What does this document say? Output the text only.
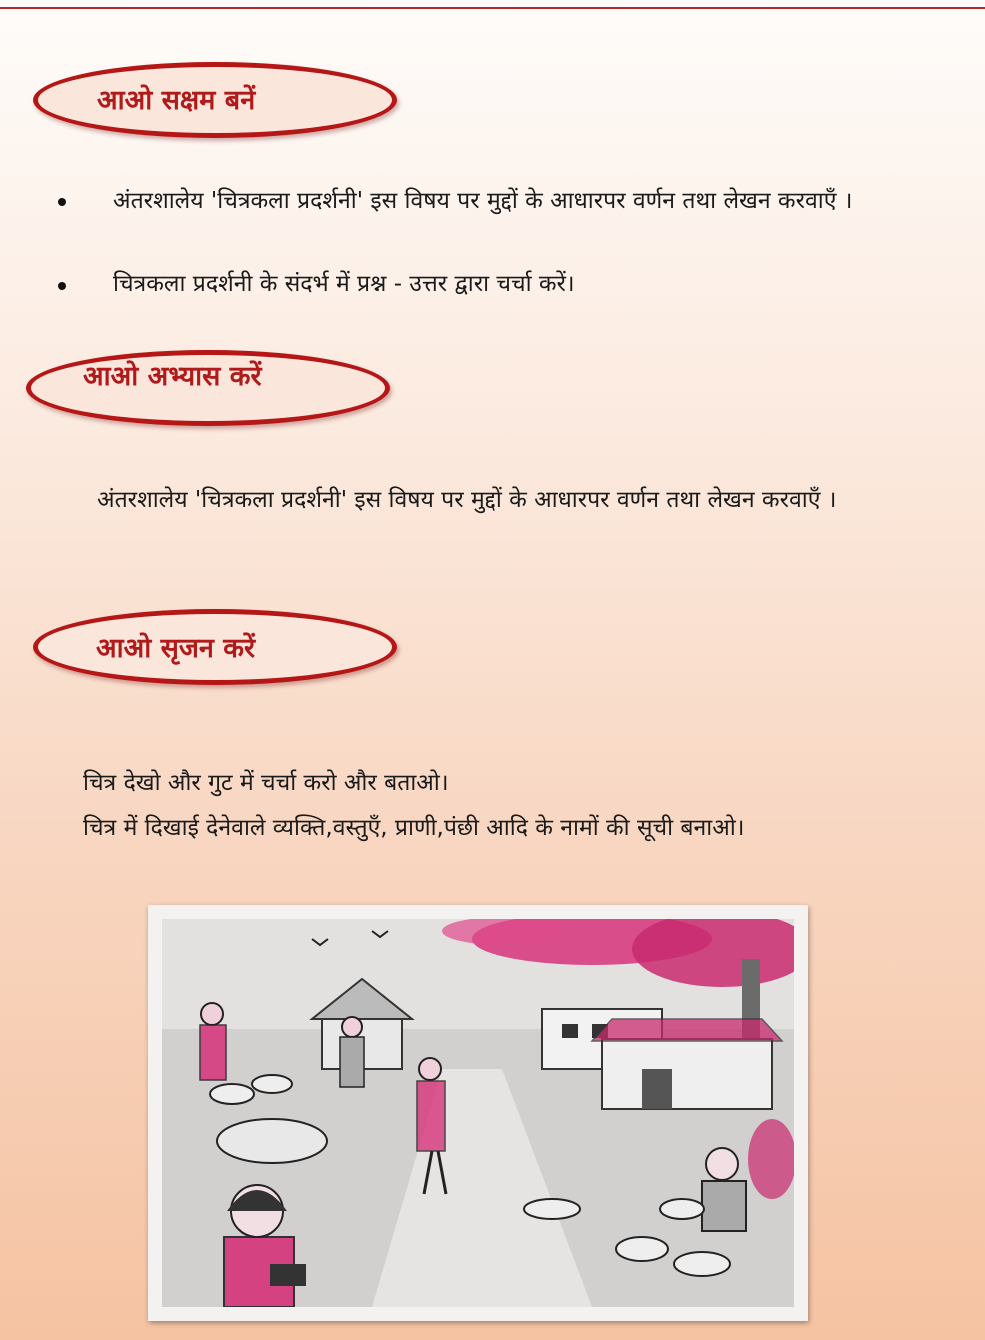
आओ सक्षम बनें
अंतरशालेय 'चित्रकला प्रदर्शनी' इस विषय पर मुद्दों के आधारपर वर्णन तथा लेखन करवाएँ ।
चित्रकला प्रदर्शनी के संदर्भ में प्रश्न - उत्तर द्वारा चर्चा करें।
आओ अभ्यास करें
अंतरशालेय 'चित्रकला प्रदर्शनी' इस विषय पर मुद्दों के आधारपर वर्णन तथा लेखन करवाएँ ।
आओ सृजन करें
चित्र देखो और गुट में चर्चा करो और बताओ।
चित्र में दिखाई देनेवाले व्यक्ति,वस्तुएँ, प्राणी,पंछी आदि के नामों की सूची बनाओ।
